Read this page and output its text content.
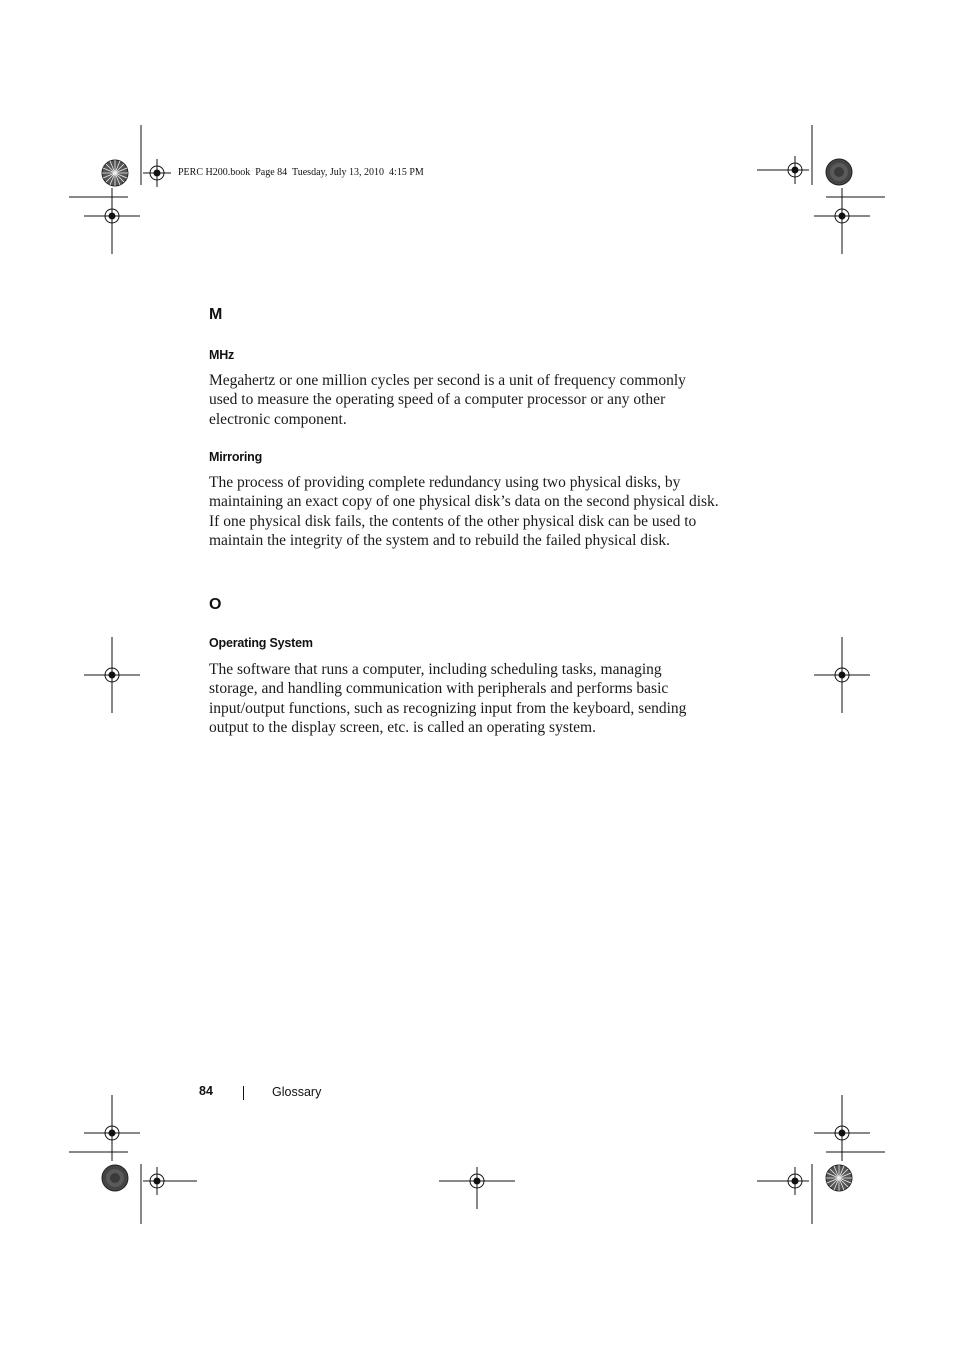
PERC H200.book  Page 84  Tuesday, July 13, 2010  4:15 PM
M
MHz

Megahertz or one million cycles per second is a unit of frequency commonly
used to measure the operating speed of a computer processor or any other
electronic component.

Mirroring

The process of providing complete redundancy using two physical disks, by
maintaining an exact copy of one physical disk’s data on the second physical disk.
If one physical disk fails, the contents of the other physical disk can be used to
maintain the integrity of the system and to rebuild the failed physical disk.

O
Operating System

The software that runs a computer, including scheduling tasks, managing
storage, and handling communication with peripherals and performs basic
input/output functions, such as recognizing input from the keyboard, sending
output to the display screen, etc. is called an operating system.

84	Glossary
